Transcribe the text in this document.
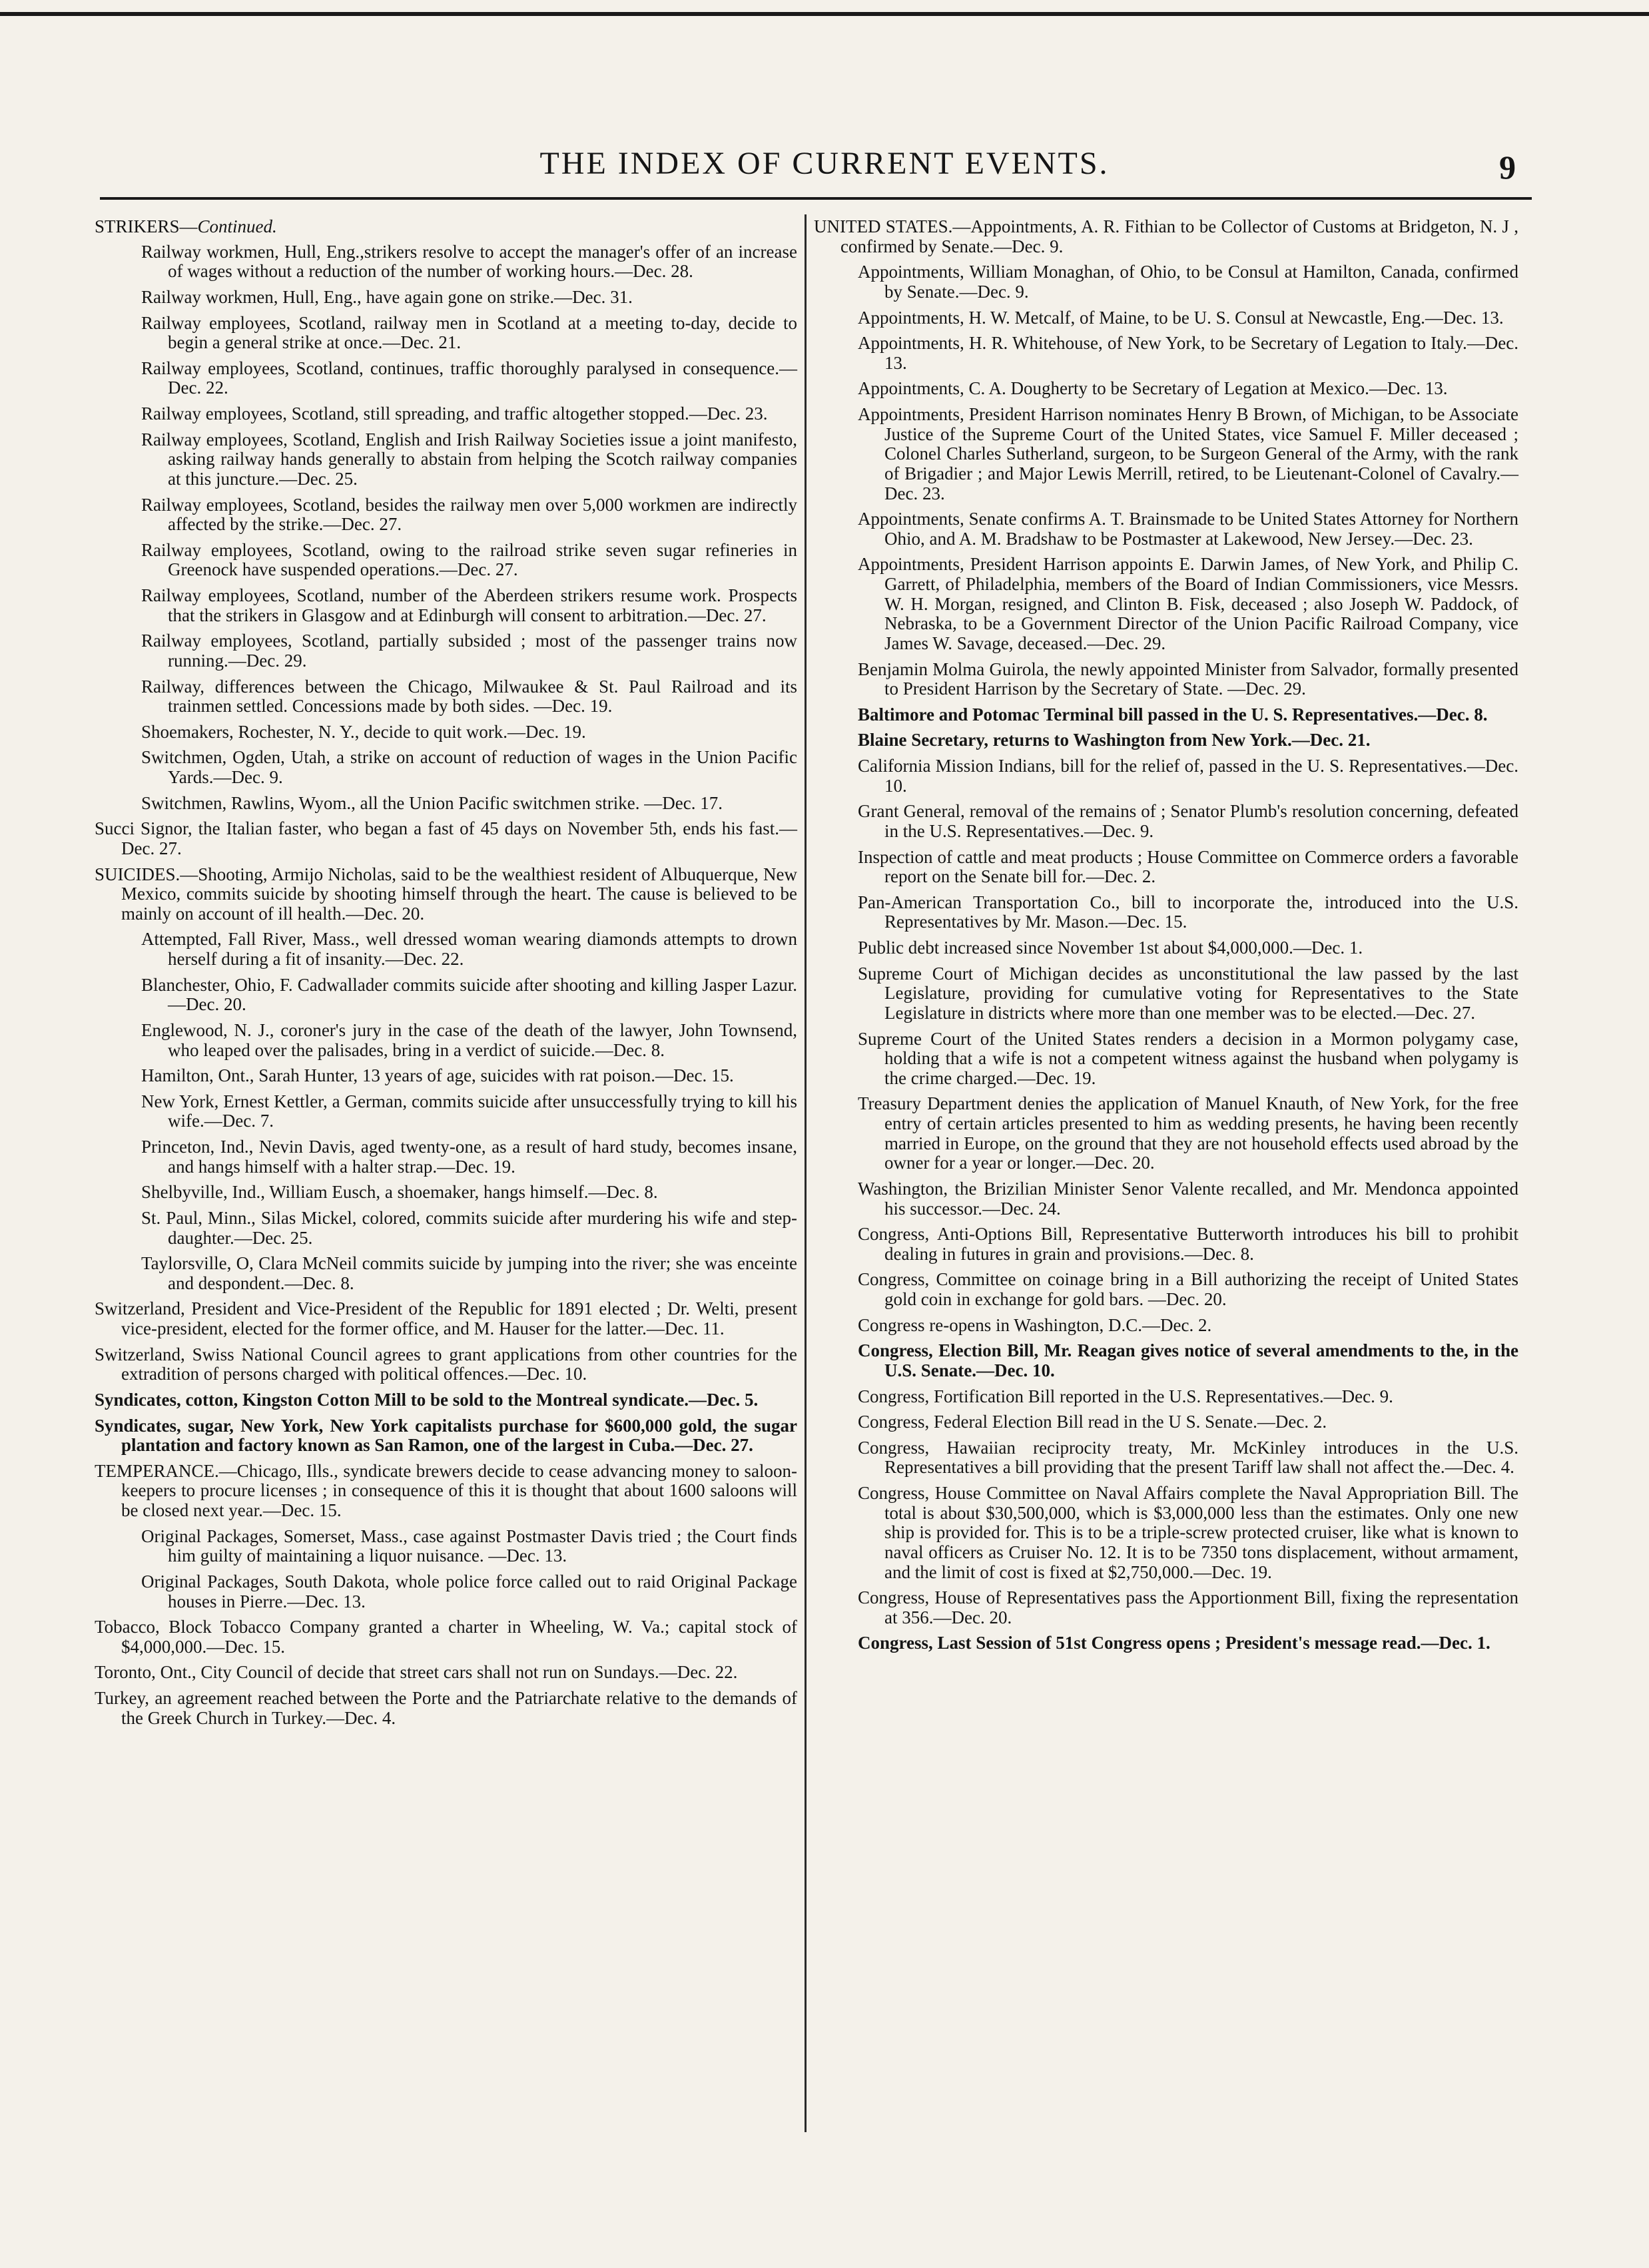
THE INDEX OF CURRENT EVENTS.	9
STRIKERS—Continued.

Railway workmen, Hull, Eng.,strikers resolve to accept the manager's offer of an increase of wages without a reduction of the number of working hours.—Dec. 28.

Railway workmen, Hull, Eng., have again gone on strike.—Dec. 31.

Railway employees, Scotland, railway men in Scotland at a meeting to-day, decide to begin a general strike at once.—Dec. 21.

Railway employees, Scotland, continues, traffic thoroughly paralysed in consequence.—Dec. 22.

Railway employees, Scotland, still spreading, and traffic altogether stopped.—Dec. 23.

Railway employees, Scotland, English and Irish Railway Societies issue a joint manifesto, asking railway hands generally to abstain from helping the Scotch railway companies at this juncture.—Dec. 25.

Railway employees, Scotland, besides the railway men over 5,000 workmen are indirectly affected by the strike.—Dec. 27.

Railway employees, Scotland, owing to the railroad strike seven sugar refineries in Greenock have suspended operations.—Dec. 27.

Railway employees, Scotland, number of the Aberdeen strikers resume work. Prospects that the strikers in Glasgow and at Edinburgh will consent to arbitration.—Dec. 27.

Railway employees, Scotland, partially subsided ; most of the passenger trains now running.—Dec. 29.

Railway, differences between the Chicago, Milwaukee & St. Paul Railroad and its trainmen settled. Concessions made by both sides. —Dec. 19.

Shoemakers, Rochester, N. Y., decide to quit work.—Dec. 19.

Switchmen, Ogden, Utah, a strike on account of reduction of wages in the Union Pacific Yards.—Dec. 9.

Switchmen, Rawlins, Wyom., all the Union Pacific switchmen strike. —Dec. 17.

Succi Signor, the Italian faster, who began a fast of 45 days on November 5th, ends his fast.—Dec. 27.

SUICIDES.—Shooting, Armijo Nicholas, said to be the wealthiest resident of Albuquerque, New Mexico, commits suicide by shooting himself through the heart. The cause is believed to be mainly on account of ill health.—Dec. 20.

Attempted, Fall River, Mass., well dressed woman wearing diamonds attempts to drown herself during a fit of insanity.—Dec. 22.

Blanchester, Ohio, F. Cadwallader commits suicide after shooting and killing Jasper Lazur.—Dec. 20.

Englewood, N. J., coroner's jury in the case of the death of the lawyer, John Townsend, who leaped over the palisades, bring in a verdict of suicide.—Dec. 8.

Hamilton, Ont., Sarah Hunter, 13 years of age, suicides with rat poison.—Dec. 15.

New York, Ernest Kettler, a German, commits suicide after unsuccessfully trying to kill his wife.—Dec. 7.

Princeton, Ind., Nevin Davis, aged twenty-one, as a result of hard study, becomes insane, and hangs himself with a halter strap.—Dec. 19.

Shelbyville, Ind., William Eusch, a shoemaker, hangs himself.—Dec. 8.

St. Paul, Minn., Silas Mickel, colored, commits suicide after murdering his wife and step-daughter.—Dec. 25.

Taylorsville, O, Clara McNeil commits suicide by jumping into the river; she was enceinte and despondent.—Dec. 8.

Switzerland, President and Vice-President of the Republic for 1891 elected ; Dr. Welti, present vice-president, elected for the former office, and M. Hauser for the latter.—Dec. 11.

Switzerland, Swiss National Council agrees to grant applications from other countries for the extradition of persons charged with political offences.—Dec. 10.

Syndicates, cotton, Kingston Cotton Mill to be sold to the Montreal syndicate.—Dec. 5.

Syndicates, sugar, New York, New York capitalists purchase for $600,000 gold, the sugar plantation and factory known as San Ramon, one of the largest in Cuba.—Dec. 27.

TEMPERANCE.—Chicago, Ills., syndicate brewers decide to cease advancing money to saloon-keepers to procure licenses ; in consequence of this it is thought that about 1600 saloons will be closed next year.—Dec. 15.

Original Packages, Somerset, Mass., case against Postmaster Davis tried ; the Court finds him guilty of maintaining a liquor nuisance. —Dec. 13.

Original Packages, South Dakota, whole police force called out to raid Original Package houses in Pierre.—Dec. 13.

Tobacco, Block Tobacco Company granted a charter in Wheeling, W. Va.; capital stock of $4,000,000.—Dec. 15.

Toronto, Ont., City Council of decide that street cars shall not run on Sundays.—Dec. 22.

Turkey, an agreement reached between the Porte and the Patriarchate relative to the demands of the Greek Church in Turkey.—Dec. 4.

UNITED STATES.—Appointments, A. R. Fithian to be Collector of Customs at Bridgeton, N. J , confirmed by Senate.—Dec. 9.

Appointments, William Monaghan, of Ohio, to be Consul at Hamilton, Canada, confirmed by Senate.—Dec. 9.

Appointments, H. W. Metcalf, of Maine, to be U. S. Consul at Newcastle, Eng.—Dec. 13.

Appointments, H. R. Whitehouse, of New York, to be Secretary of Legation to Italy.—Dec. 13.

Appointments, C. A. Dougherty to be Secretary of Legation at Mexico.—Dec. 13.

Appointments, President Harrison nominates Henry B Brown, of Michigan, to be Associate Justice of the Supreme Court of the United States, vice Samuel F. Miller deceased ; Colonel Charles Sutherland, surgeon, to be Surgeon General of the Army, with the rank of Brigadier ; and Major Lewis Merrill, retired, to be Lieutenant-Colonel of Cavalry.—Dec. 23.

Appointments, Senate confirms A. T. Brainsmade to be United States Attorney for Northern Ohio, and A. M. Bradshaw to be Postmaster at Lakewood, New Jersey.—Dec. 23.

Appointments, President Harrison appoints E. Darwin James, of New York, and Philip C. Garrett, of Philadelphia, members of the Board of Indian Commissioners, vice Messrs. W. H. Morgan, resigned, and Clinton B. Fisk, deceased ; also Joseph W. Paddock, of Nebraska, to be a Government Director of the Union Pacific Railroad Company, vice James W. Savage, deceased.—Dec. 29.

Benjamin Molma Guirola, the newly appointed Minister from Salvador, formally presented to President Harrison by the Secretary of State. —Dec. 29.

Baltimore and Potomac Terminal bill passed in the U. S. Representatives.—Dec. 8.

Blaine Secretary, returns to Washington from New York.—Dec. 21.

California Mission Indians, bill for the relief of, passed in the U. S. Representatives.—Dec. 10.

Grant General, removal of the remains of ; Senator Plumb's resolution concerning, defeated in the U.S. Representatives.—Dec. 9.

Inspection of cattle and meat products ; House Committee on Commerce orders a favorable report on the Senate bill for.—Dec. 2.

Pan-American Transportation Co., bill to incorporate the, introduced into the U.S. Representatives by Mr. Mason.—Dec. 15.

Public debt increased since November 1st about $4,000,000.—Dec. 1.

Supreme Court of Michigan decides as unconstitutional the law passed by the last Legislature, providing for cumulative voting for Representatives to the State Legislature in districts where more than one member was to be elected.—Dec. 27.

Supreme Court of the United States renders a decision in a Mormon polygamy case, holding that a wife is not a competent witness against the husband when polygamy is the crime charged.—Dec. 19.

Treasury Department denies the application of Manuel Knauth, of New York, for the free entry of certain articles presented to him as wedding presents, he having been recently married in Europe, on the ground that they are not household effects used abroad by the owner for a year or longer.—Dec. 20.

Washington, the Brizilian Minister Senor Valente recalled, and Mr. Mendonca appointed his successor.—Dec. 24.

Congress, Anti-Options Bill, Representative Butterworth introduces his bill to prohibit dealing in futures in grain and provisions.—Dec. 8.

Congress, Committee on coinage bring in a Bill authorizing the receipt of United States gold coin in exchange for gold bars. —Dec. 20.

Congress re-opens in Washington, D.C.—Dec. 2.

Congress, Election Bill, Mr. Reagan gives notice of several amendments to the, in the U.S. Senate.—Dec. 10.

Congress, Fortification Bill reported in the U.S. Representatives.—Dec. 9.

Congress, Federal Election Bill read in the U S. Senate.—Dec. 2.

Congress, Hawaiian reciprocity treaty, Mr. McKinley introduces in the U.S. Representatives a bill providing that the present Tariff law shall not affect the.—Dec. 4.

Congress, House Committee on Naval Affairs complete the Naval Appropriation Bill. The total is about $30,500,000, which is $3,000,000 less than the estimates. Only one new ship is provided for. This is to be a triple-screw protected cruiser, like what is known to naval officers as Cruiser No. 12. It is to be 7350 tons displacement, without armament, and the limit of cost is fixed at $2,750,000.—Dec. 19.

Congress, House of Representatives pass the Apportionment Bill, fixing the representation at 356.—Dec. 20.

Congress, Last Session of 51st Congress opens ; President's message read.—Dec. 1.
